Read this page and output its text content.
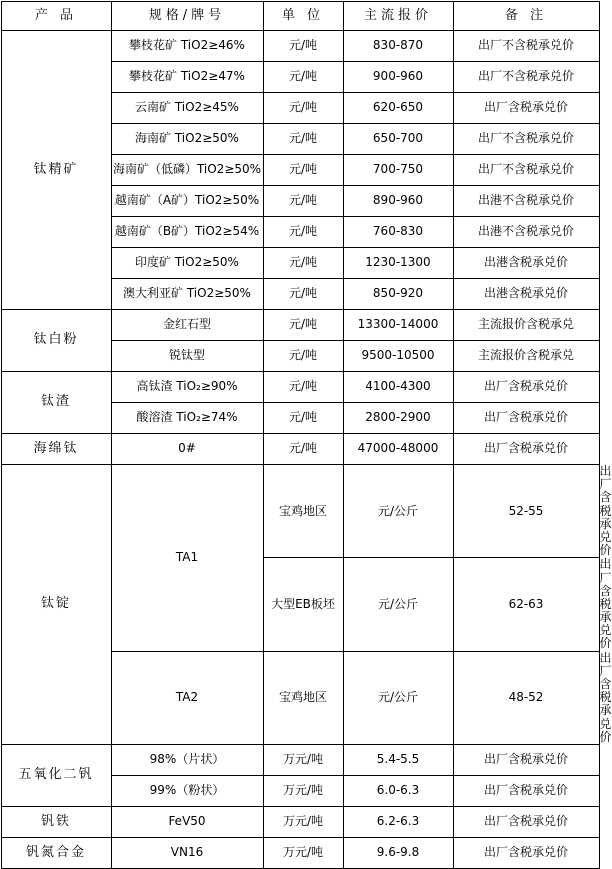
产 品	规格/牌号	单 位	主流报价	备 注	
钛精矿	攀枝花矿 TiO2≥46%	元/吨	830-870	出厂不含税承兑价	
	攀枝花矿 TiO2≥47%	元/吨	900-960	出厂不含税承兑价	
	云南矿 TiO2≥45%	元/吨	620-650	出厂含税承兑价	
	海南矿 TiO2≥50%	元/吨	650-700	出厂不含税承兑价	
	海南矿（低磷）TiO2≥50%	元/吨	700-750	出厂不含税承兑价	
	越南矿（A矿）TiO2≥50%	元/吨	890-960	出港不含税承兑价	
	越南矿（B矿）TiO2≥54%	元/吨	760-830	出港不含税承兑价	
	印度矿 TiO2≥50%	元/吨	1230-1300	出港含税承兑价	
	澳大利亚矿 TiO2≥50%	元/吨	850-920	出港含税承兑价	
钛白粉	金红石型	元/吨	13300-14000	主流报价含税承兑	
	锐钛型	元/吨	9500-10500	主流报价含税承兑	
钛渣	高钛渣 TiO₂≥90%	元/吨	4100-4300	出厂含税承兑价	
	酸溶渣 TiO₂≥74%	元/吨	2800-2900	出厂含税承兑价	
海绵钛	0#	元/吨	47000-48000	出厂含税承兑价	
钛锭	TA1	宝鸡地区	元/公斤	52-55	出厂含税承兑价
		大型EB板坯	元/公斤	62-63	出厂含税承兑价
	TA2	宝鸡地区	元/公斤	48-52	出厂含税承兑价
五氧化二钒	98%（片状）	万元/吨	5.4-5.5	出厂含税承兑价	
	99%（粉状）	万元/吨	6.0-6.3	出厂含税承兑价	
钒铁	FeV50	万元/吨	6.2-6.3	出厂含税承兑价	
钒氮合金	VN16	万元/吨	9.6-9.8	出厂含税承兑价	
